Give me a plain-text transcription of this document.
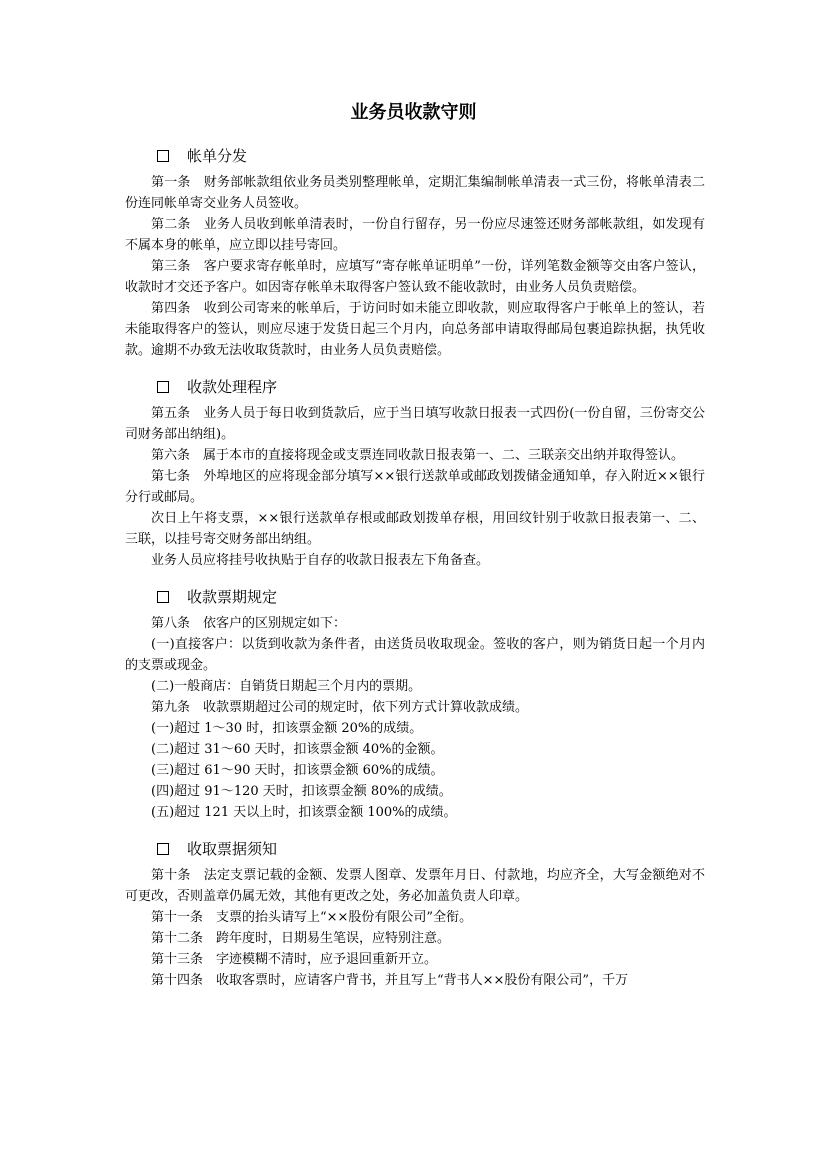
业务员收款守则
帐单分发

第一条　财务部帐款组依业务员类别整理帐单，定期汇集编制帐单清表一式三份，将帐单清表二份连同帐单寄交业务人员签收。

第二条　业务人员收到帐单清表时，一份自行留存，另一份应尽速签还财务部帐款组，如发现有不属本身的帐单，应立即以挂号寄回。

第三条　客户要求寄存帐单时，应填写“寄存帐单证明单”一份，详列笔数金额等交由客户签认，收款时才交还予客户。如因寄存帐单未取得客户签认致不能收款时，由业务人员负责赔偿。

第四条　收到公司寄来的帐单后，于访问时如未能立即收款，则应取得客户于帐单上的签认，若未能取得客户的签认，则应尽速于发货日起三个月内，向总务部申请取得邮局包裹追踪执据，执凭收款。逾期不办致无法收取货款时，由业务人员负责赔偿。

收款处理程序

第五条　业务人员于每日收到货款后，应于当日填写收款日报表一式四份(一份自留，三份寄交公司财务部出纳组)。

第六条　属于本市的直接将现金或支票连同收款日报表第一、二、三联亲交出纳并取得签认。

第七条　外埠地区的应将现金部分填写××银行送款单或邮政划拨储金通知单，存入附近××银行分行或邮局。

次日上午将支票，××银行送款单存根或邮政划拨单存根，用回纹针别于收款日报表第一、二、三联，以挂号寄交财务部出纳组。

业务人员应将挂号收执贴于自存的收款日报表左下角备查。

收款票期规定

第八条　依客户的区别规定如下：

(一)直接客户：以货到收款为条件者，由送货员收取现金。签收的客户，则为销货日起一个月内的支票或现金。

(二)一般商店：自销货日期起三个月内的票期。

第九条　收款票期超过公司的规定时，依下列方式计算收款成绩。

(一)超过 1～30 时，扣该票金额 20%的成绩。

(二)超过 31～60 天时，扣该票金额 40%的金额。

(三)超过 61～90 天时，扣该票金额 60%的成绩。

(四)超过 91～120 天时，扣该票金额 80%的成绩。

(五)超过 121 天以上时，扣该票金额 100%的成绩。

收取票据须知

第十条　法定支票记载的金额、发票人图章、发票年月日、付款地，均应齐全，大写金额绝对不可更改，否则盖章仍属无效，其他有更改之处，务必加盖负责人印章。

第十一条　支票的抬头请写上“××股份有限公司”全衔。

第十二条　跨年度时，日期易生笔误，应特别注意。

第十三条　字迹模糊不清时，应予退回重新开立。

第十四条　收取客票时，应请客户背书，并且写上“背书人××股份有限公司”，千万
